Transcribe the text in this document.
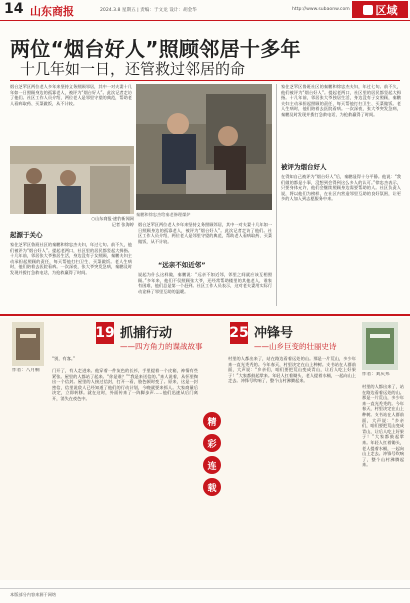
14 山东商报	2024.3.8 星期五 | 责编：于文龙 设计：胡金华	http://www.subaonw.com 区域
两位“烟台好人”照顾邻居十多年
十几年如一日，还管救过邻居的命
烟台芝罘区两位老人多年来坚持义务照顾邻居，其中一对夫妻十几年如一日照顾身边的孤寡老人，被评为“烟台好人”。此次记者走访了他们。社区工作人员介绍，两位老人是邻里守望的典范，帮助老人看病取药、买菜做饭，从不计较。
○山东商报·速豹新闻网
记者 张海婷
秦鹏和徐忠杰给秦老修理煤炉
家住芝罘区鲁班社区的秦鹏和徐忠杰夫妇，年过七旬。前不久，他们被评为“烟台好人”。提起老两口，社区里的居民都竖起大拇指。十几年前，邻居张大爷独居生活，身边没有子女照顾，秦鹏夫妇主动承担起照顾的责任，每天帮他打扫卫生、买菜做饭。老人生病时，他们陪着去医院看病。一次深夜，张大爷突发急病，秦鹏及时发现并拨打急救电话，为抢救赢得了时间。
被评为烟台好人
在得知自己被评为“烟台好人”后，秦鹏显得十分平静。他说：“我们做的都是小事，没想到会得到这么多人的认可。”徐忠杰表示，只要身体允许，他们会继续照顾身边需要帮助的人。社区负责人说，将以他们为榜样，在社区内营造邻里互助的良好氛围，让更多的人加入到志愿服务中来。
起源于关心
家住芝罘区鲁班社区的秦鹏和徐忠杰夫妇，年过七旬。前不久，他们被评为“烟台好人”。提起老两口，社区里的居民都竖起大拇指。十几年前，邻居张大爷独居生活，身边没有子女照顾，秦鹏夫妇主动承担起照顾的责任，每天帮他打扫卫生、买菜做饭。老人生病时，他们陪着去医院看病。一次深夜，张大爷突发急病，秦鹏及时发现并拨打急救电话，为抢救赢得了时间。
烟台芝罘区两位老人多年来坚持义务照顾邻居，其中一对夫妻十几年如一日照顾身边的孤寡老人，被评为“烟台好人”。此次记者走访了他们。社区工作人员介绍，两位老人是邻里守望的典范，帮助老人看病取药、买菜做饭，从不计较。
“远亲不如近邻”
说起为什么这样做，秦鹏说：“远亲不如近邻，邻里之间就应该互相照顾。”多年来，他们不仅照顾张大爷，还经常帮助楼里的其他老人，谁家有困难，他们总是第一个赶到。社区工作人员表示，这对老夫妻用实际行动诠释了邻里互助的温暖。
19 抓捕行动
——四方角力的谍战故事
作者：八月桐
“别，有客。”
门开了，有人走进来。他穿着一件灰色的长衫，手里提着一个皮箱，神情有些紧张。屋里的人都站了起来。“你是谁？”“我是来送信的。”来人说着，从怀里掏出一个信封。屋里的人接过信封，打开一看，脸色顿时变了。原来，这是一封密信，信里说敌人已经知道了他们的行动计划，今晚就要来抓人。大家商量后决定，立即转移。就在这时，外面传来了一阵脚步声……他们迅速从后门离开，消失在夜色中。
精
彩
连
载
25 冲锋号
——山乡巨变的壮丽史诗
作者：刘庆邦
村里的人都出来了，站在路边看着远处的山。那是一片荒山，多少年来一直光秃秃的。今年春天，村里决定在山上种树。支书站在人群前面，大声说：“乡亲们，咱们要把荒山变成青山，让后人吃上好果子！”大家都鼓起掌来。年轻人扛着锄头，老人提着水桶，一起向山上走去。冲锋号吹响了，整个山村沸腾起来。
村里的人都出来了，站在路边看着远处的山。那是一片荒山，多少年来一直光秃秃的。今年春天，村里决定在山上种树。支书站在人群前面，大声说：“乡亲们，咱们要把荒山变成青山，让后人吃上好果子！”大家都鼓起掌来。年轻人扛着锄头，老人提着水桶，一起向山上走去。冲锋号吹响了，整个山村沸腾起来。
本版部分内容来源于网络
